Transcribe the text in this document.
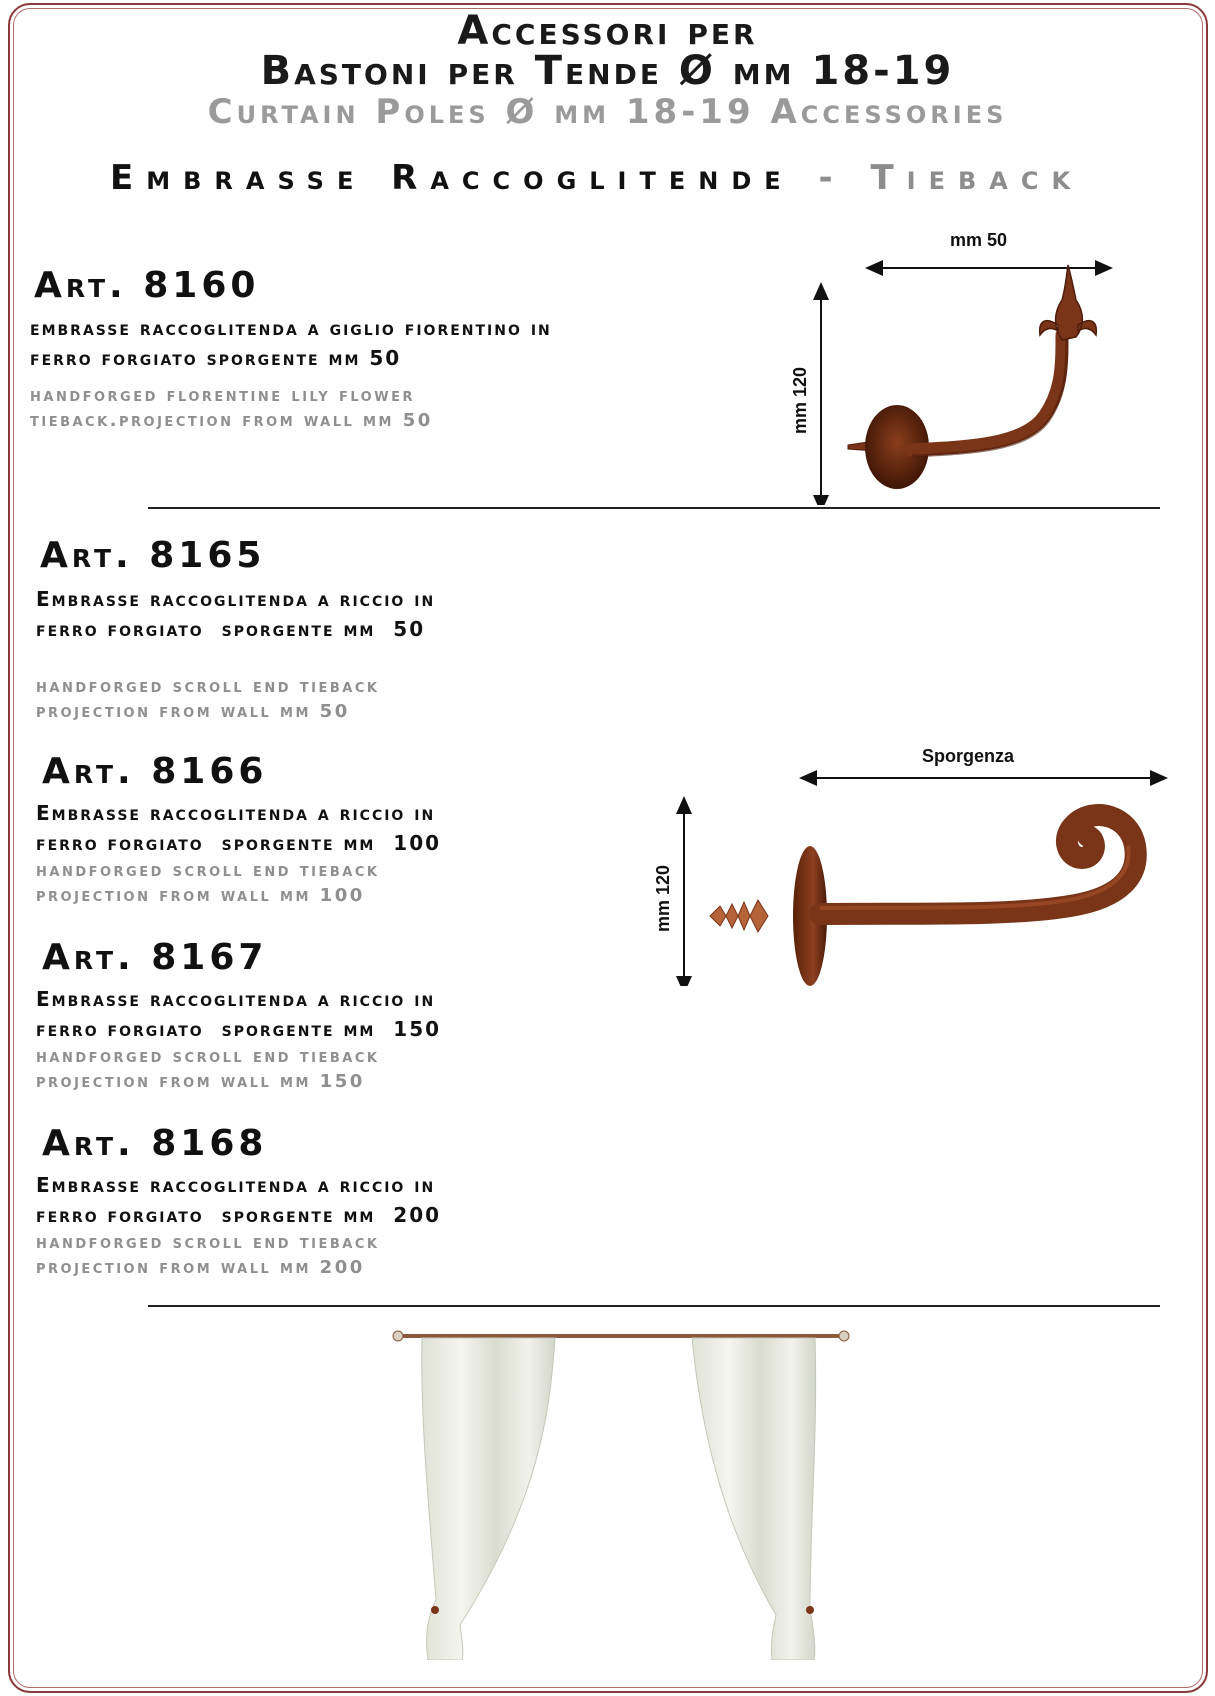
Accessori per
Bastoni per Tende Ø mm 18-19
Curtain Poles Ø mm 18-19 Accessories
Embrasse Raccoglitende - Tieback
Art. 8160
embrasse raccoglitenda a giglio fiorentino in
ferro forgiato sporgente mm 50
handforged florentine lily flower
tieback.projection from wall mm 50
Art. 8165
Embrasse raccoglitenda a riccio in
ferro forgiato  sporgente mm  50
handforged scroll end tieback
projection from wall mm 50
Art. 8166
Embrasse raccoglitenda a riccio in
ferro forgiato  sporgente mm  100
handforged scroll end tieback
projection from wall mm 100
Art. 8167
Embrasse raccoglitenda a riccio in
ferro forgiato  sporgente mm  150
handforged scroll end tieback
projection from wall mm 150
Art. 8168
Embrasse raccoglitenda a riccio in
ferro forgiato  sporgente mm  200
handforged scroll end tieback
projection from wall mm 200
mm 50
mm 120
Sporgenza
mm 120
